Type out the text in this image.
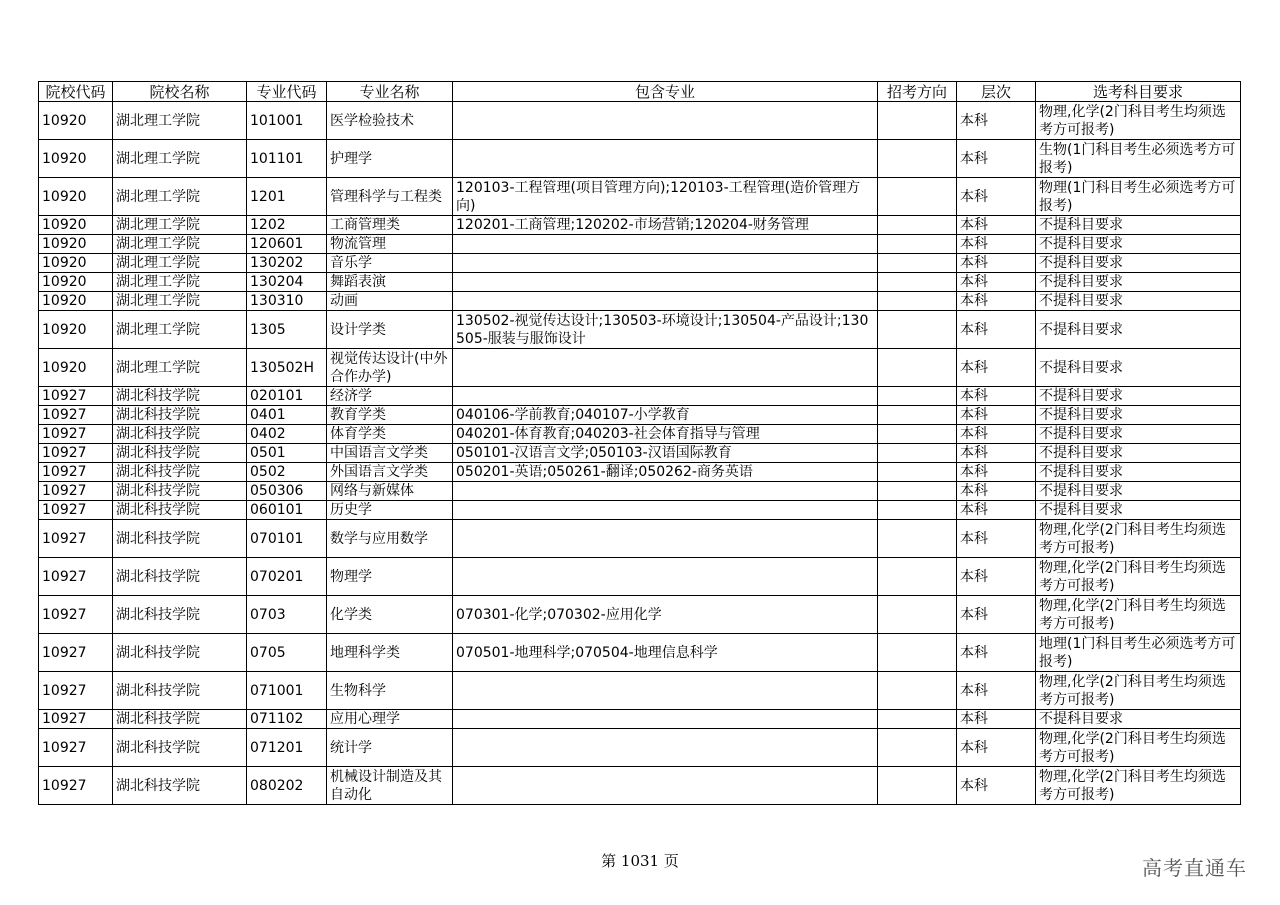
院校代码	院校名称	专业代码	专业名称	包含专业	招考方向	层次	选考科目要求
10920	湖北理工学院	101001	医学检验技术			本科	物理,化学(2门科目考生均须选考方可报考)
10920	湖北理工学院	101101	护理学			本科	生物(1门科目考生必须选考方可报考)
10920	湖北理工学院	1201	管理科学与工程类	120103-工程管理(项目管理方向);120103-工程管理(造价管理方向)		本科	物理(1门科目考生必须选考方可报考)
10920	湖北理工学院	1202	工商管理类	120201-工商管理;120202-市场营销;120204-财务管理		本科	不提科目要求
10920	湖北理工学院	120601	物流管理			本科	不提科目要求
10920	湖北理工学院	130202	音乐学			本科	不提科目要求
10920	湖北理工学院	130204	舞蹈表演			本科	不提科目要求
10920	湖北理工学院	130310	动画			本科	不提科目要求
10920	湖北理工学院	1305	设计学类	130502-视觉传达设计;130503-环境设计;130504-产品设计;130505-服装与服饰设计		本科	不提科目要求
10920	湖北理工学院	130502H	视觉传达设计(中外合作办学)			本科	不提科目要求
10927	湖北科技学院	020101	经济学			本科	不提科目要求
10927	湖北科技学院	0401	教育学类	040106-学前教育;040107-小学教育		本科	不提科目要求
10927	湖北科技学院	0402	体育学类	040201-体育教育;040203-社会体育指导与管理		本科	不提科目要求
10927	湖北科技学院	0501	中国语言文学类	050101-汉语言文学;050103-汉语国际教育		本科	不提科目要求
10927	湖北科技学院	0502	外国语言文学类	050201-英语;050261-翻译;050262-商务英语		本科	不提科目要求
10927	湖北科技学院	050306	网络与新媒体			本科	不提科目要求
10927	湖北科技学院	060101	历史学			本科	不提科目要求
10927	湖北科技学院	070101	数学与应用数学			本科	物理,化学(2门科目考生均须选考方可报考)
10927	湖北科技学院	070201	物理学			本科	物理,化学(2门科目考生均须选考方可报考)
10927	湖北科技学院	0703	化学类	070301-化学;070302-应用化学		本科	物理,化学(2门科目考生均须选考方可报考)
10927	湖北科技学院	0705	地理科学类	070501-地理科学;070504-地理信息科学		本科	地理(1门科目考生必须选考方可报考)
10927	湖北科技学院	071001	生物科学			本科	物理,化学(2门科目考生均须选考方可报考)
10927	湖北科技学院	071102	应用心理学			本科	不提科目要求
10927	湖北科技学院	071201	统计学			本科	物理,化学(2门科目考生均须选考方可报考)
10927	湖北科技学院	080202	机械设计制造及其自动化			本科	物理,化学(2门科目考生均须选考方可报考)
第 1031 页	高考直通车
